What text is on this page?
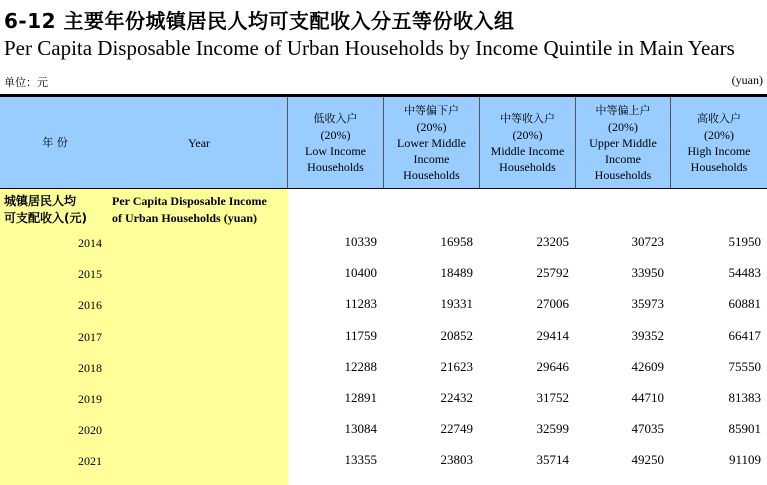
6-12 主要年份城镇居民人均可支配收入分五等份收入组
Per Capita Disposable Income of Urban Households by Income Quintile in Main Years
单位：元	(yuan)
年 份	Year
低收入户
(20%)
Low Income
Households
中等偏下户
(20%)
Lower Middle
Income
Households
中等收入户
(20%)
Middle Income
Households
中等偏上户
(20%)
Upper Middle
Income
Households
高收入户
(20%)
High Income
Households
城镇居民人均
可支配收入(元)
Per Capita Disposable Income
of Urban Households (yuan)
2014	10339	16958	23205	30723	51950
2015	10400	18489	25792	33950	54483
2016	11283	19331	27006	35973	60881
2017	11759	20852	29414	39352	66417
2018	12288	21623	29646	42609	75550
2019	12891	22432	31752	44710	81383
2020	13084	22749	32599	47035	85901
2021	13355	23803	35714	49250	91109
